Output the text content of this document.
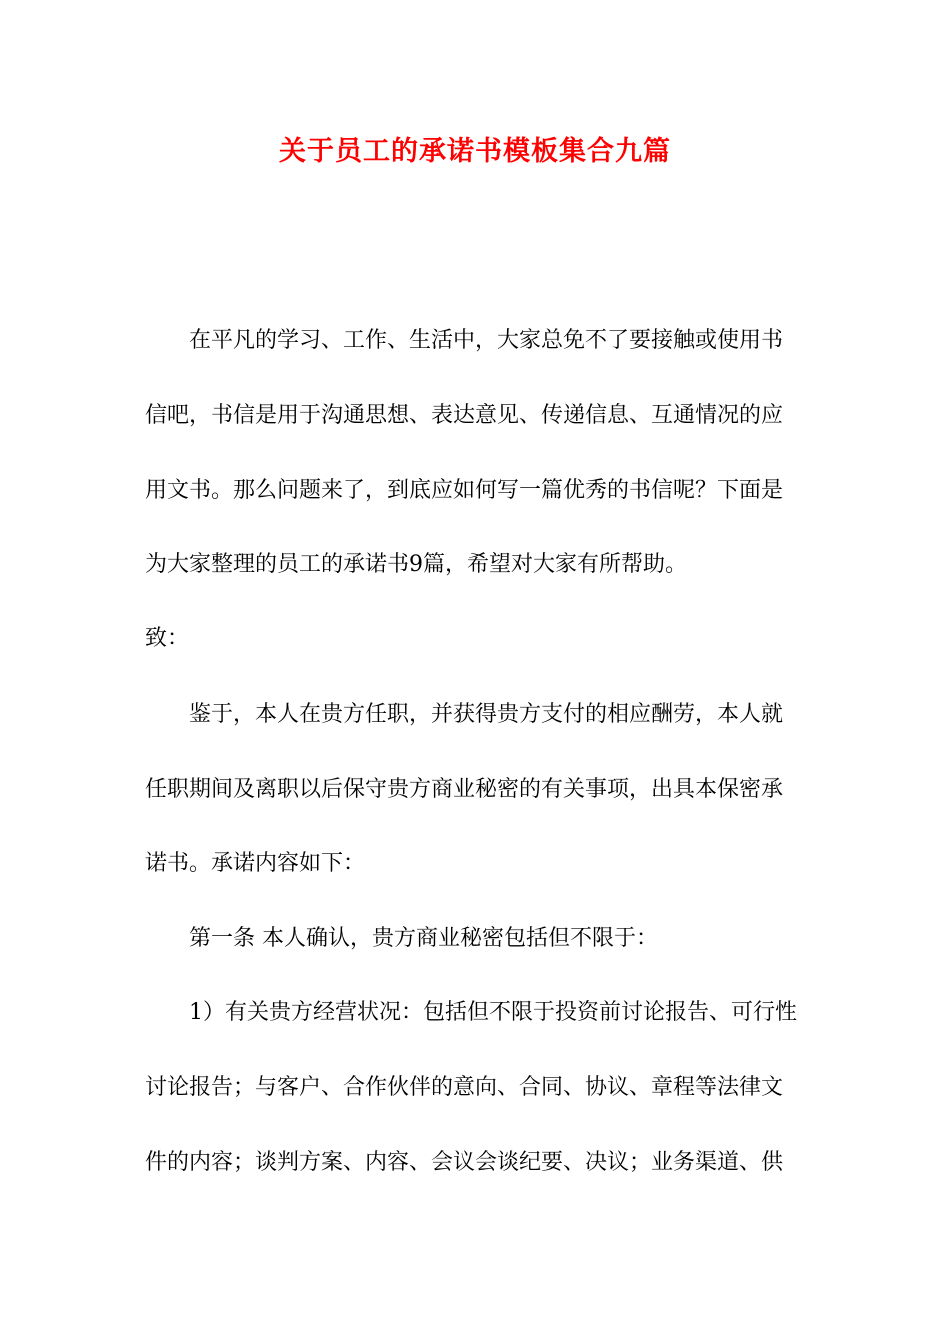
关于员工的承诺书模板集合九篇
在平凡的学习、工作、生活中，大家总免不了要接触或使用书
信吧，书信是用于沟通思想、表达意见、传递信息、互通情况的应
用文书。那么问题来了，到底应如何写一篇优秀的书信呢？下面是
为大家整理的员工的承诺书9篇，希望对大家有所帮助。
致：
鉴于，本人在贵方任职，并获得贵方支付的相应酬劳，本人就
任职期间及离职以后保守贵方商业秘密的有关事项，出具本保密承
诺书。承诺内容如下：
第一条 本人确认，贵方商业秘密包括但不限于：
1）有关贵方经营状况：包括但不限于投资前讨论报告、可行性
讨论报告；与客户、合作伙伴的意向、合同、协议、章程等法律文
件的内容；谈判方案、内容、会议会谈纪要、决议；业务渠道、供
